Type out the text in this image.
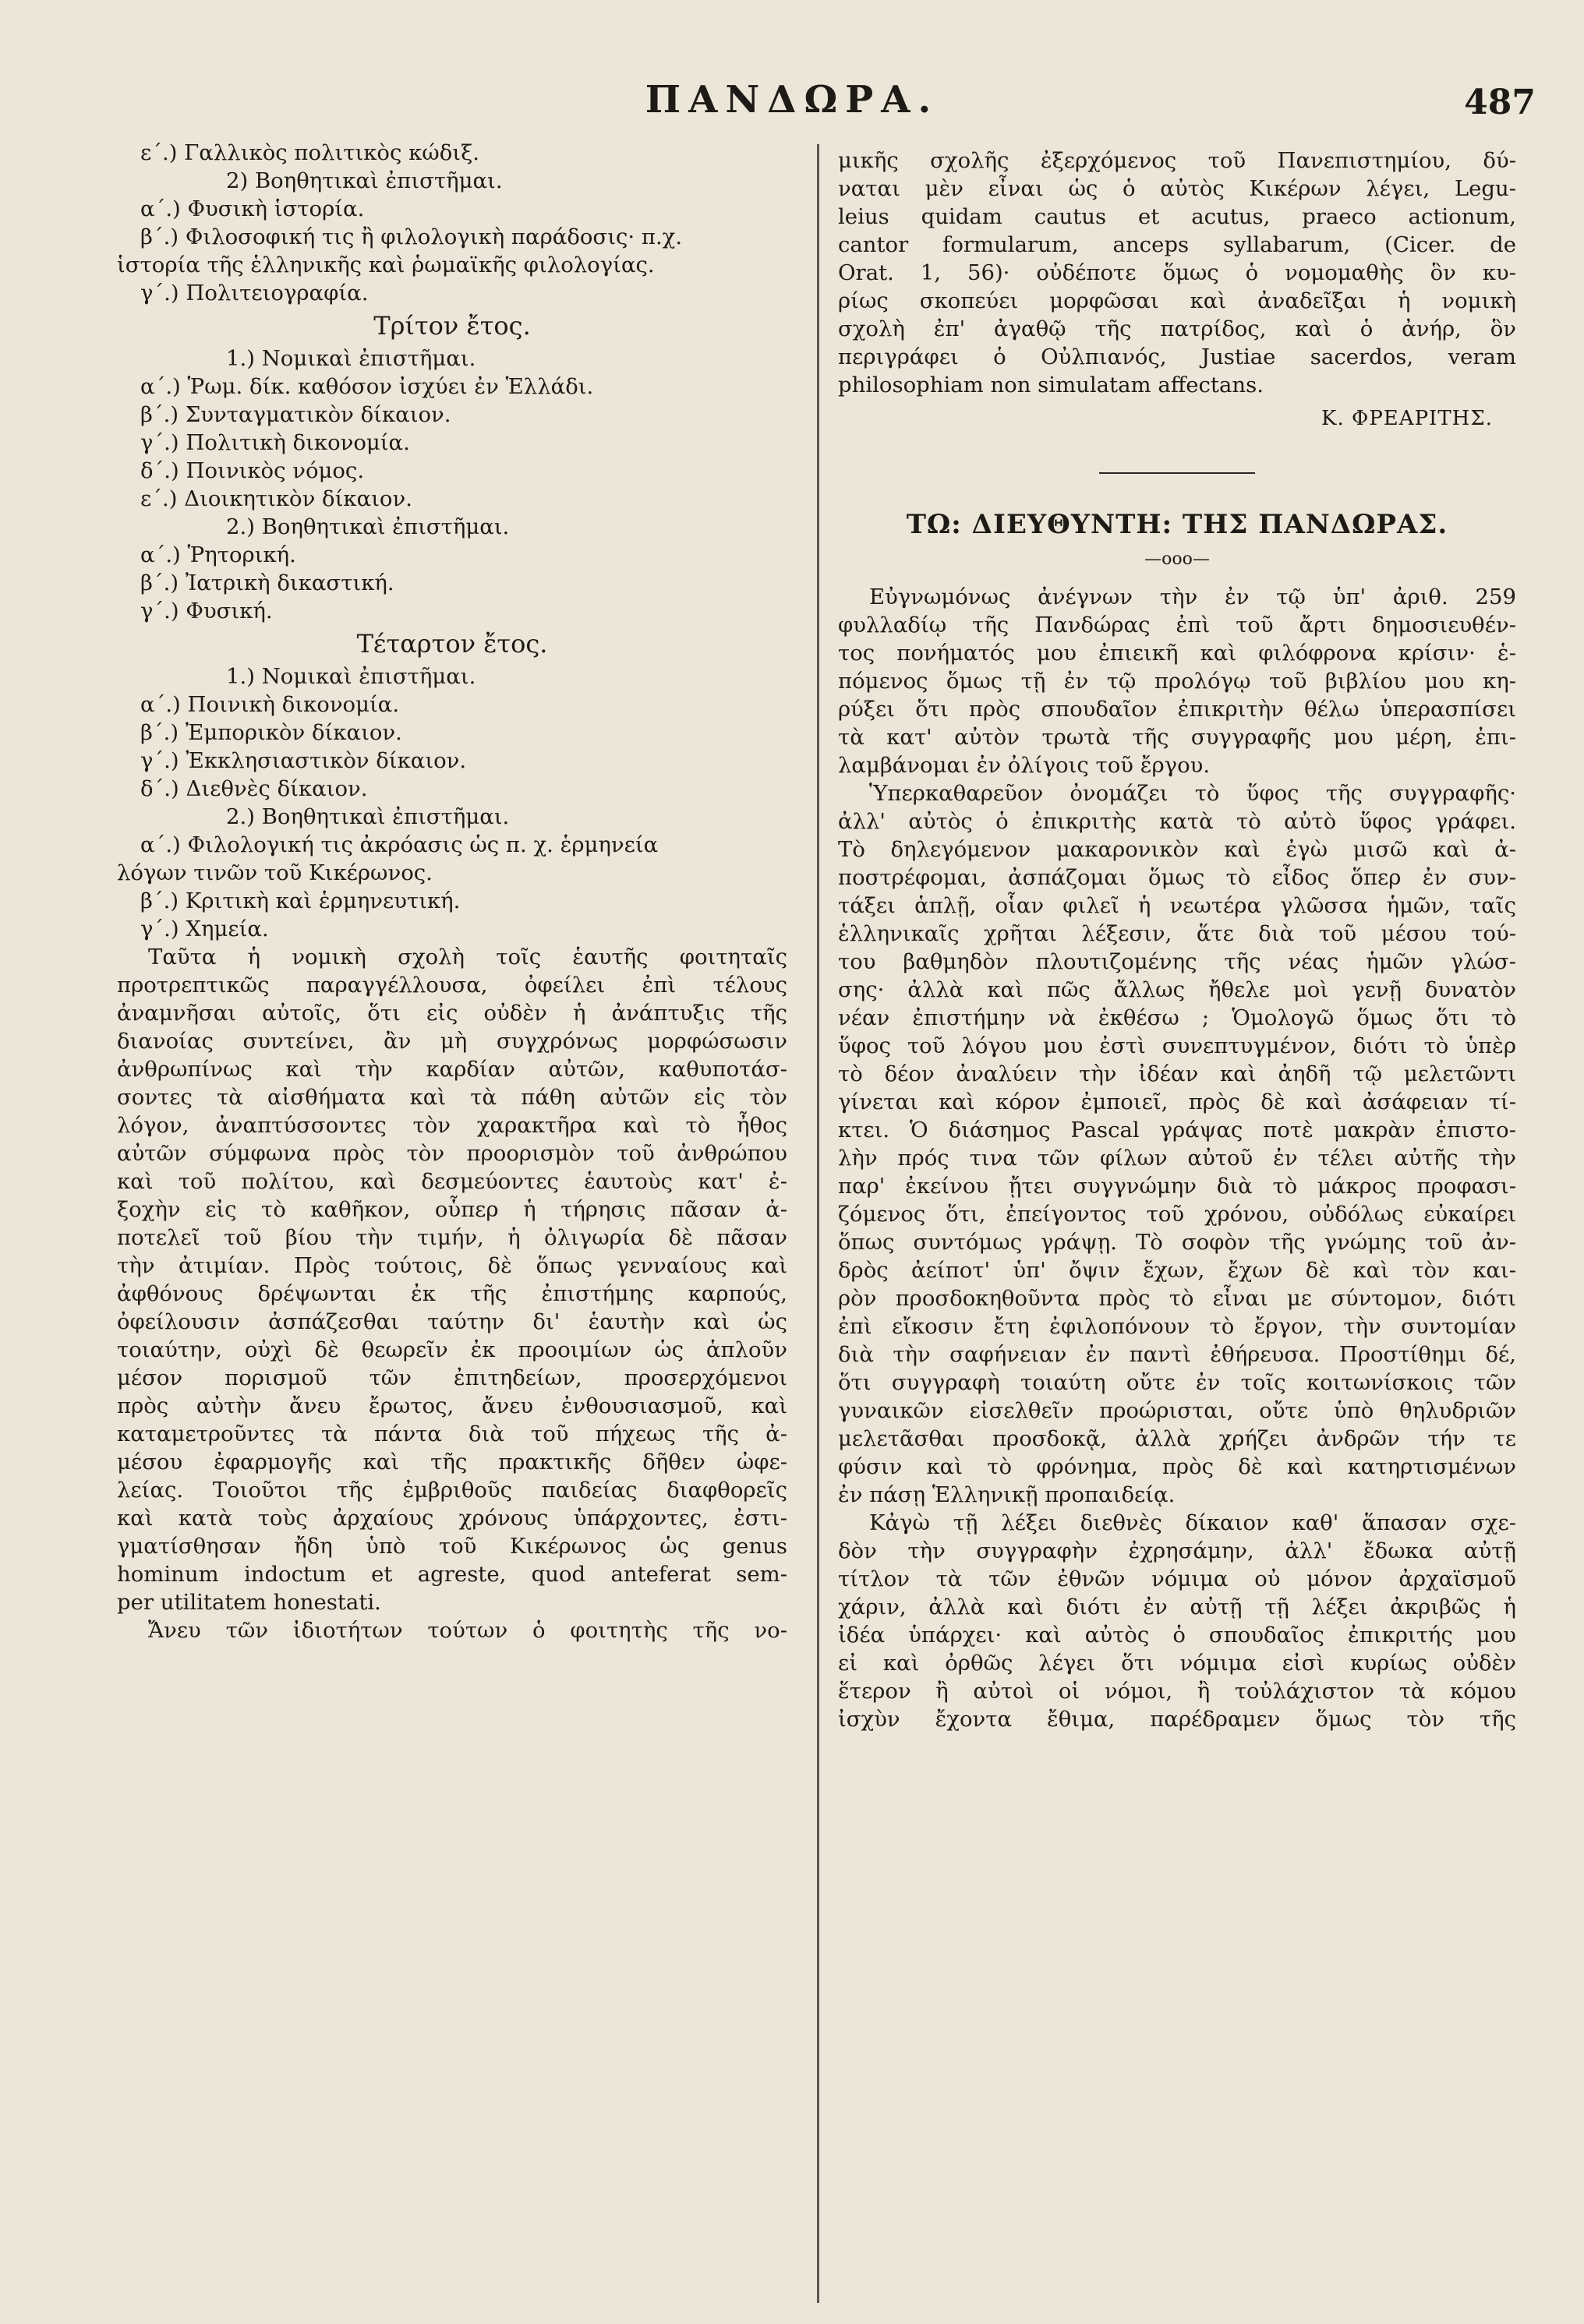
ΠΑΝΔΩΡΑ.	487
ε΄.) Γαλλικὸς πολιτικὸς κώδιξ.
2) Βοηθητικαὶ ἐπιστῆμαι.
α΄.) Φυσικὴ ἱστορία.
β΄.) Φιλοσοφική τις ἢ φιλολογικὴ παράδοσις· π.χ.
ἱστορία τῆς ἑλληνικῆς καὶ ῥωμαϊκῆς φιλολογίας.
γ΄.) Πολιτειογραφία.
Τρίτον ἔτος.
1.) Νομικαὶ ἐπιστῆμαι.
α΄.) Ῥωμ. δίκ. καθόσον ἰσχύει ἐν Ἑλλάδι.
β΄.) Συνταγματικὸν δίκαιον.
γ΄.) Πολιτικὴ δικονομία.
δ΄.) Ποινικὸς νόμος.
ε΄.) Διοικητικὸν δίκαιον.
2.) Βοηθητικαὶ ἐπιστῆμαι.
α΄.) Ῥητορική.
β΄.) Ἰατρικὴ δικαστική.
γ΄.) Φυσική.
Τέταρτον ἔτος.
1.) Νομικαὶ ἐπιστῆμαι.
α΄.) Ποινικὴ δικονομία.
β΄.) Ἐμπορικὸν δίκαιον.
γ΄.) Ἐκκλησιαστικὸν δίκαιον.
δ΄.) Διεθνὲς δίκαιον.
2.) Βοηθητικαὶ ἐπιστῆμαι.
α΄.) Φιλολογική τις ἀκρόασις ὡς π. χ. ἑρμηνεία
λόγων τινῶν τοῦ Κικέρωνος.
β΄.) Κριτικὴ καὶ ἑρμηνευτική.
γ΄.) Χημεία.
Ταῦτα ἡ νομικὴ σχολὴ τοῖς ἑαυτῆς φοιτηταῖς
προτρεπτικῶς παραγγέλλουσα, ὀφείλει ἐπὶ τέλους
ἀναμνῆσαι αὐτοῖς, ὅτι εἰς οὐδὲν ἡ ἀνάπτυξις τῆς
διανοίας συντείνει, ἂν μὴ συγχρόνως μορφώσωσιν
ἀνθρωπίνως καὶ τὴν καρδίαν αὐτῶν, καθυποτάσ-
σοντες τὰ αἰσθήματα καὶ τὰ πάθη αὐτῶν εἰς τὸν
λόγον, ἀναπτύσσοντες τὸν χαρακτῆρα καὶ τὸ ἦθος
αὐτῶν σύμφωνα πρὸς τὸν προορισμὸν τοῦ ἀνθρώπου
καὶ τοῦ πολίτου, καὶ δεσμεύοντες ἑαυτοὺς κατ' ἐ-
ξοχὴν εἰς τὸ καθῆκον, οὗπερ ἡ τήρησις πᾶσαν ἀ-
ποτελεῖ τοῦ βίου τὴν τιμήν, ἡ ὀλιγωρία δὲ πᾶσαν
τὴν ἀτιμίαν. Πρὸς τούτοις, δὲ ὅπως γενναίους καὶ
ἀφθόνους δρέψωνται ἐκ τῆς ἐπιστήμης καρπούς,
ὀφείλουσιν ἀσπάζεσθαι ταύτην δι' ἑαυτὴν καὶ ὡς
τοιαύτην, οὐχὶ δὲ θεωρεῖν ἐκ προοιμίων ὡς ἁπλοῦν
μέσον πορισμοῦ τῶν ἐπιτηδείων, προσερχόμενοι
πρὸς αὐτὴν ἄνευ ἔρωτος, ἄνευ ἐνθουσιασμοῦ, καὶ
καταμετροῦντες τὰ πάντα διὰ τοῦ πήχεως τῆς ἀ-
μέσου ἐφαρμογῆς καὶ τῆς πρακτικῆς δῆθεν ὠφε-
λείας. Τοιοῦτοι τῆς ἐμβριθοῦς παιδείας διαφθορεῖς
καὶ κατὰ τοὺς ἀρχαίους χρόνους ὑπάρχοντες, ἐστι-
γματίσθησαν ἤδη ὑπὸ τοῦ Κικέρωνος ὡς genus
hominum indoctum et agreste, quod anteferat sem-
per utilitatem honestati.
Ἄνευ τῶν ἰδιοτήτων τούτων ὁ φοιτητὴς τῆς νο-
μικῆς σχολῆς ἐξερχόμενος τοῦ Πανεπιστημίου, δύ-
ναται μὲν εἶναι ὡς ὁ αὐτὸς Κικέρων λέγει, Legu-
leius quidam cautus et acutus, praeco actionum,
cantor formularum, anceps syllabarum, (Cicer. de
Orat. 1, 56)· οὐδέποτε ὅμως ὁ νομομαθὴς ὃν κυ-
ρίως σκοπεύει μορφῶσαι καὶ ἀναδεῖξαι ἡ νομικὴ
σχολὴ ἐπ' ἀγαθῷ τῆς πατρίδος, καὶ ὁ ἀνήρ, ὃν
περιγράφει ὁ Οὐλπιανός, Justiae sacerdos, veram
philosophiam non simulatam affectans.
Κ. ΦΡΕΑΡΙΤΗΣ.
ΤΩ: ΔΙΕΥΘΥΝΤΗ: ΤΗΣ ΠΑΝΔΩΡΑΣ.
—ooo—
Εὐγνωμόνως ἀνέγνων τὴν ἐν τῷ ὑπ' ἀριθ. 259
φυλλαδίῳ τῆς Πανδώρας ἐπὶ τοῦ ἄρτι δημοσιευθέν-
τος πονήματός μου ἐπιεικῆ καὶ φιλόφρονα κρίσιν· ἑ-
πόμενος ὅμως τῇ ἐν τῷ προλόγῳ τοῦ βιβλίου μου κη-
ρύξει ὅτι πρὸς σπουδαῖον ἐπικριτὴν θέλω ὑπερασπίσει
τὰ κατ' αὐτὸν τρωτὰ τῆς συγγραφῆς μου μέρη, ἐπι-
λαμβάνομαι ἐν ὀλίγοις τοῦ ἔργου.
Ὑπερκαθαρεῦον ὀνομάζει τὸ ὕφος τῆς συγγραφῆς·
ἀλλ' αὐτὸς ὁ ἐπικριτὴς κατὰ τὸ αὐτὸ ὕφος γράφει.
Τὸ δηλεγόμενον μακαρονικὸν καὶ ἐγὼ μισῶ καὶ ἀ-
ποστρέφομαι, ἀσπάζομαι ὅμως τὸ εἶδος ὅπερ ἐν συν-
τάξει ἁπλῇ, οἷαν φιλεῖ ἡ νεωτέρα γλῶσσα ἡμῶν, ταῖς
ἑλληνικαῖς χρῆται λέξεσιν, ἅτε διὰ τοῦ μέσου τού-
του βαθμηδὸν πλουτιζομένης τῆς νέας ἡμῶν γλώσ-
σης· ἀλλὰ καὶ πῶς ἄλλως ἤθελε μοὶ γενῇ δυνατὸν
νέαν ἐπιστήμην νὰ ἐκθέσω ; Ὁμολογῶ ὅμως ὅτι τὸ
ὕφος τοῦ λόγου μου ἐστὶ συνεπτυγμένον, διότι τὸ ὑπὲρ
τὸ δέον ἀναλύειν τὴν ἰδέαν καὶ ἀηδῆ τῷ μελετῶντι
γίνεται καὶ κόρον ἐμποιεῖ, πρὸς δὲ καὶ ἀσάφειαν τί-
κτει. Ὁ διάσημος Pascal γράψας ποτὲ μακρὰν ἐπιστο-
λὴν πρός τινα τῶν φίλων αὐτοῦ ἐν τέλει αὐτῆς τὴν
παρ' ἐκείνου ᾔτει συγγνώμην διὰ τὸ μάκρος προφασι-
ζόμενος ὅτι, ἐπείγοντος τοῦ χρόνου, οὐδόλως εὐκαίρει
ὅπως συντόμως γράψῃ. Τὸ σοφὸν τῆς γνώμης τοῦ ἀν-
δρὸς ἀείποτ' ὑπ' ὄψιν ἔχων, ἔχων δὲ καὶ τὸν και-
ρὸν προσδοκηθοῦντα πρὸς τὸ εἶναι με σύντομον, διότι
ἐπὶ εἴκοσιν ἔτη ἐφιλοπόνουν τὸ ἔργον, τὴν συντομίαν
διὰ τὴν σαφήνειαν ἐν παντὶ ἐθήρευσα. Προστίθημι δέ,
ὅτι συγγραφὴ τοιαύτη οὔτε ἐν τοῖς κοιτωνίσκοις τῶν
γυναικῶν εἰσελθεῖν προώρισται, οὔτε ὑπὸ θηλυδριῶν
μελετᾶσθαι προσδοκᾷ, ἀλλὰ χρήζει ἀνδρῶν τήν τε
φύσιν καὶ τὸ φρόνημα, πρὸς δὲ καὶ κατηρτισμένων
ἐν πάσῃ Ἑλληνικῇ προπαιδείᾳ.
Κἀγὼ τῇ λέξει διεθνὲς δίκαιον καθ' ἅπασαν σχε-
δὸν τὴν συγγραφὴν ἐχρησάμην, ἀλλ' ἔδωκα αὐτῇ
τίτλον τὰ τῶν ἐθνῶν νόμιμα οὐ μόνον ἀρχαϊσμοῦ
χάριν, ἀλλὰ καὶ διότι ἐν αὐτῇ τῇ λέξει ἀκριβῶς ἡ
ἰδέα ὑπάρχει· καὶ αὐτὸς ὁ σπουδαῖος ἐπικριτής μου
εἰ καὶ ὀρθῶς λέγει ὅτι νόμιμα εἰσὶ κυρίως οὐδὲν
ἕτερον ἢ αὐτοὶ οἱ νόμοι, ἢ τοὐλάχιστον τὰ κόμου
ἰσχὺν ἔχοντα ἔθιμα, παρέδραμεν ὅμως τὸν τῆς
